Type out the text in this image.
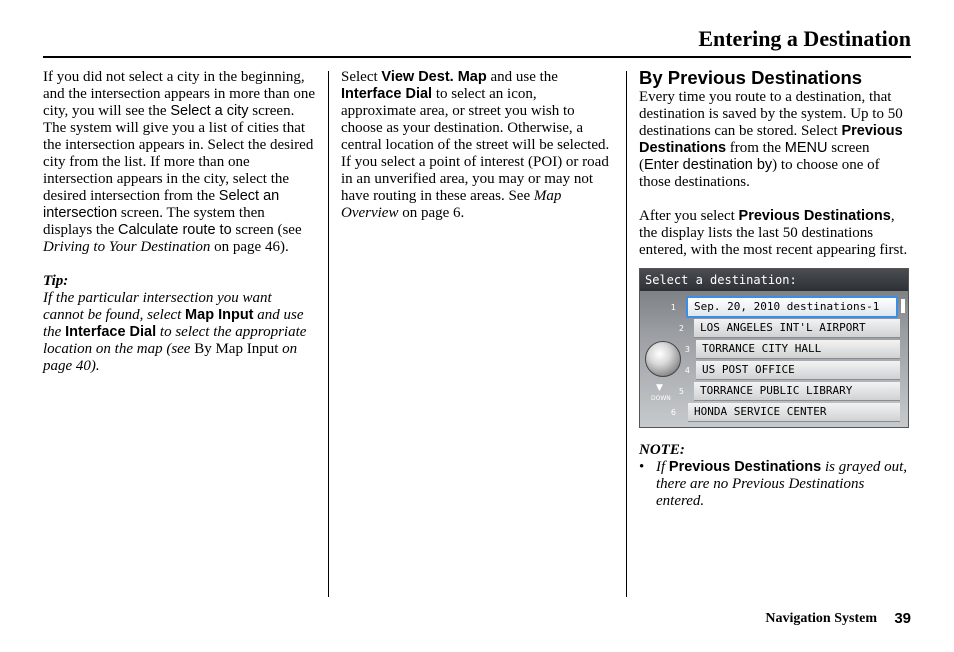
Entering a Destination

If you did not select a city in the beginning, and the intersection appears in more than one city, you will see the Select a city screen. The system will give you a list of cities that the intersection appears in. Select the desired city from the list. If more than one intersection appears in the city, select the desired intersection from the Select an intersection screen. The system then displays the Calculate route to screen (see Driving to Your Destination on page 46).

Tip:

If the particular intersection you want cannot be found, select Map Input and use the Interface Dial to select the appropriate location on the map (see By Map Input on page 40).

Select View Dest. Map and use the Interface Dial to select an icon, approximate area, or street you wish to choose as your destination. Otherwise, a central location of the street will be selected. If you select a point of interest (POI) or road in an unverified area, you may or may not have routing in these areas. See Map Overview on page 6.

By Previous Destinations

Every time you route to a destination, that destination is saved by the system. Up to 50 destinations can be stored. Select Previous Destinations from the MENU screen (Enter destination by) to choose one of those destinations.

After you select Previous Destinations, the display lists the last 50 destinations entered, with the most recent appearing first.

Select a destination:
▼
DOWN
1	Sep. 20, 2010 destinations-1
2	LOS ANGELES INT'L AIRPORT
3	TORRANCE CITY HALL
4	US POST OFFICE
5	TORRANCE PUBLIC LIBRARY
6	HONDA SERVICE CENTER

NOTE:

• If Previous Destinations is grayed out, there are no Previous Destinations entered.

Navigation System 39
